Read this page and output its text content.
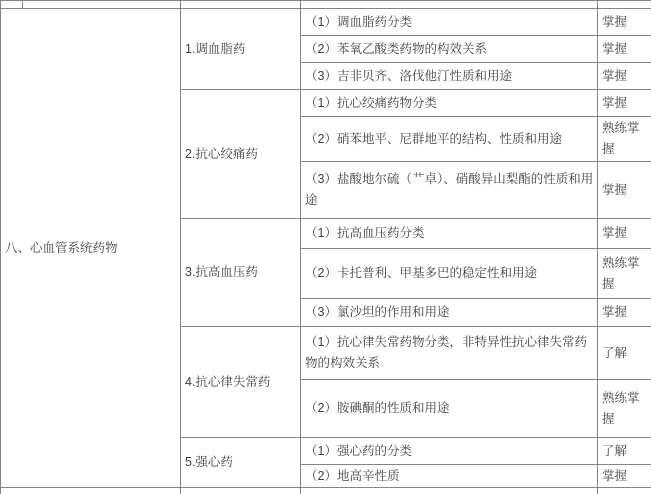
八、心血管系统药物		1.调血脂药	（1）调血脂药分类	掌握
			（2）苯氧乙酸类药物的构效关系	掌握
			（3）吉非贝齐、洛伐他汀性质和用途	掌握
		2.抗心绞痛药	（1）抗心绞痛药物分类	掌握
			（2）硝苯地平、尼群地平的结构、性质和用途	熟练掌握
			（3）盐酸地尔硫（艹卓）、硝酸异山梨酯的性质和用途	掌握
		3.抗高血压药	（1）抗高血压药分类	掌握
			（2）卡托普利、甲基多巴的稳定性和用途	熟练掌握
			（3）氯沙坦的作用和用途	掌握
		4.抗心律失常药	（1）抗心律失常药物分类，非特异性抗心律失常药物的构效关系	了解
			（2）胺碘酮的性质和用途	熟练掌握
		5.强心药	（1）强心药的分类	了解
			（2）地高辛性质	掌握
